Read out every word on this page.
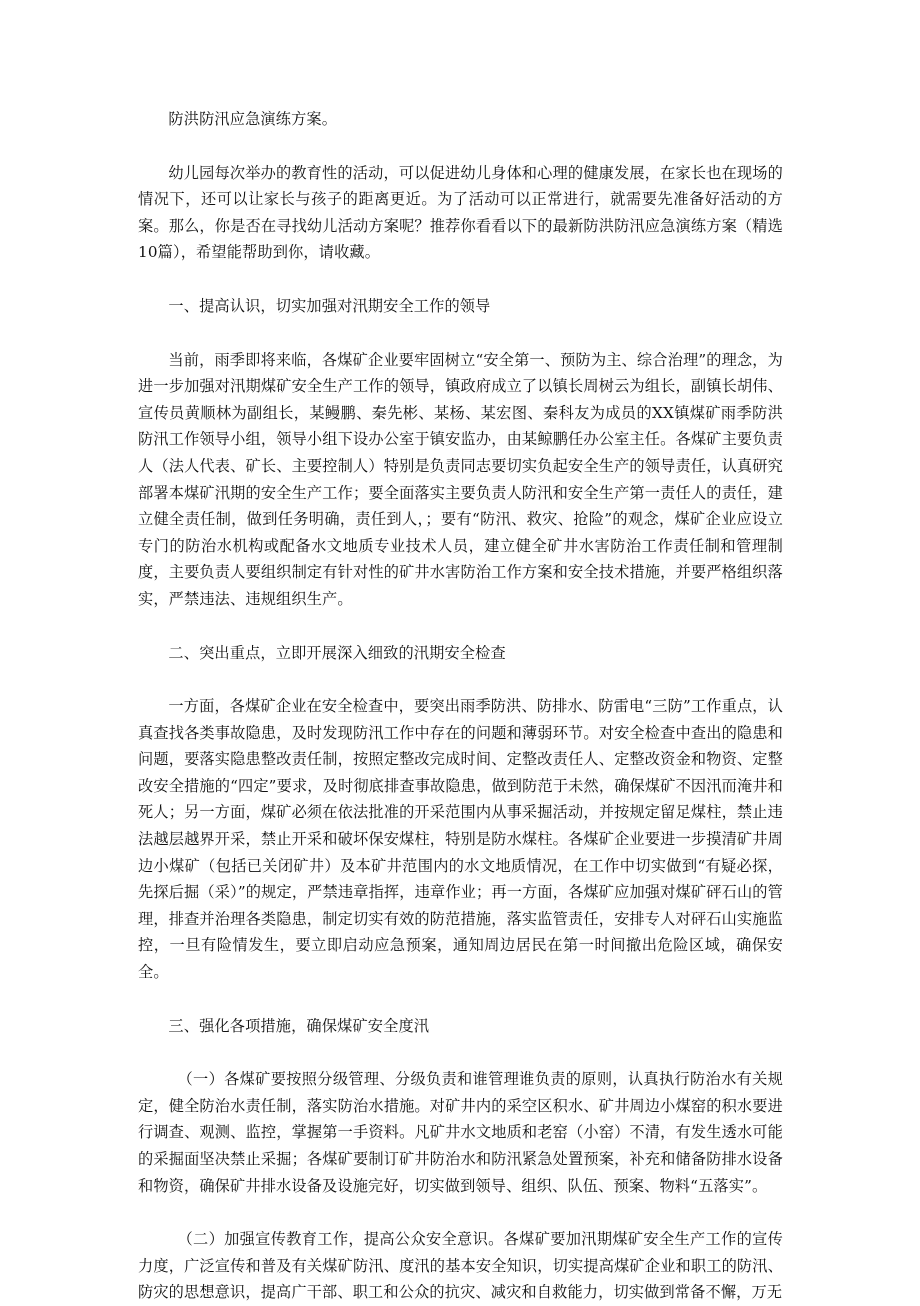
防洪防汛应急演练方案。

幼儿园每次举办的教育性的活动，可以促进幼儿身体和心理的健康发展，在家长也在现场的情况下，还可以让家长与孩子的距离更近。为了活动可以正常进行，就需要先准备好活动的方案。那么，你是否在寻找幼儿活动方案呢？推荐你看看以下的最新防洪防汛应急演练方案（精选10篇），希望能帮助到你，请收藏。

一、提高认识，切实加强对汛期安全工作的领导

当前，雨季即将来临，各煤矿企业要牢固树立“安全第一、预防为主、综合治理”的理念，为进一步加强对汛期煤矿安全生产工作的领导，镇政府成立了以镇长周树云为组长，副镇长胡伟、宣传员黄顺林为副组长，某鳗鹏、秦先彬、某杨、某宏图、秦科友为成员的XX镇煤矿雨季防洪防汛工作领导小组，领导小组下设办公室于镇安监办，由某鲸鹏任办公室主任。各煤矿主要负责人（法人代表、矿长、主要控制人）特别是负责同志要切实负起安全生产的领导责任，认真研究部署本煤矿汛期的安全生产工作；要全面落实主要负责人防汛和安全生产第一责任人的责任，建立健全责任制，做到任务明确，责任到人，；要有“防汛、救灾、抢险”的观念，煤矿企业应设立专门的防治水机构或配备水文地质专业技术人员，建立健全矿井水害防治工作责任制和管理制度，主要负责人要组织制定有针对性的矿井水害防治工作方案和安全技术措施，并要严格组织落实，严禁违法、违规组织生产。

二、突出重点，立即开展深入细致的汛期安全检查

一方面，各煤矿企业在安全检查中，要突出雨季防洪、防排水、防雷电“三防”工作重点，认真查找各类事故隐患，及时发现防汛工作中存在的问题和薄弱环节。对安全检查中查出的隐患和问题，要落实隐患整改责任制，按照定整改完成时间、定整改责任人、定整改资金和物资、定整改安全措施的“四定”要求，及时彻底排查事故隐患，做到防范于未然，确保煤矿不因汛而淹井和死人；另一方面，煤矿必须在依法批准的开采范围内从事采掘活动，并按规定留足煤柱，禁止违法越层越界开采，禁止开采和破坏保安煤柱，特别是防水煤柱。各煤矿企业要进一步摸清矿井周边小煤矿（包括已关闭矿井）及本矿井范围内的水文地质情况，在工作中切实做到“有疑必探，先探后掘（采）”的规定，严禁违章指挥，违章作业；再一方面，各煤矿应加强对煤矿砰石山的管理，排查并治理各类隐患，制定切实有效的防范措施，落实监管责任，安排专人对砰石山实施监控，一旦有险情发生，要立即启动应急预案，通知周边居民在第一时间撤出危险区域，确保安全。

三、强化各项措施，确保煤矿安全度汛

（一）各煤矿要按照分级管理、分级负责和谁管理谁负责的原则，认真执行防治水有关规定，健全防治水责任制，落实防治水措施。对矿井内的采空区积水、矿井周边小煤窑的积水要进行调查、观测、监控，掌握第一手资料。凡矿井水文地质和老窑（小窑）不清，有发生透水可能的采掘面坚决禁止采掘；各煤矿要制订矿井防治水和防汛紧急处置预案，补充和储备防排水设备和物资，确保矿井排水设备及设施完好，切实做到领导、组织、队伍、预案、物料“五落实”。

（二）加强宣传教育工作，提高公众安全意识。各煤矿要加汛期煤矿安全生产工作的宣传力度，广泛宣传和普及有关煤矿防汛、度汛的基本安全知识，切实提高煤矿企业和职工的防汛、防灾的思想意识，提高广干部、职工和公众的抗灾、减灾和自救能力，切实做到常备不懈，万无
